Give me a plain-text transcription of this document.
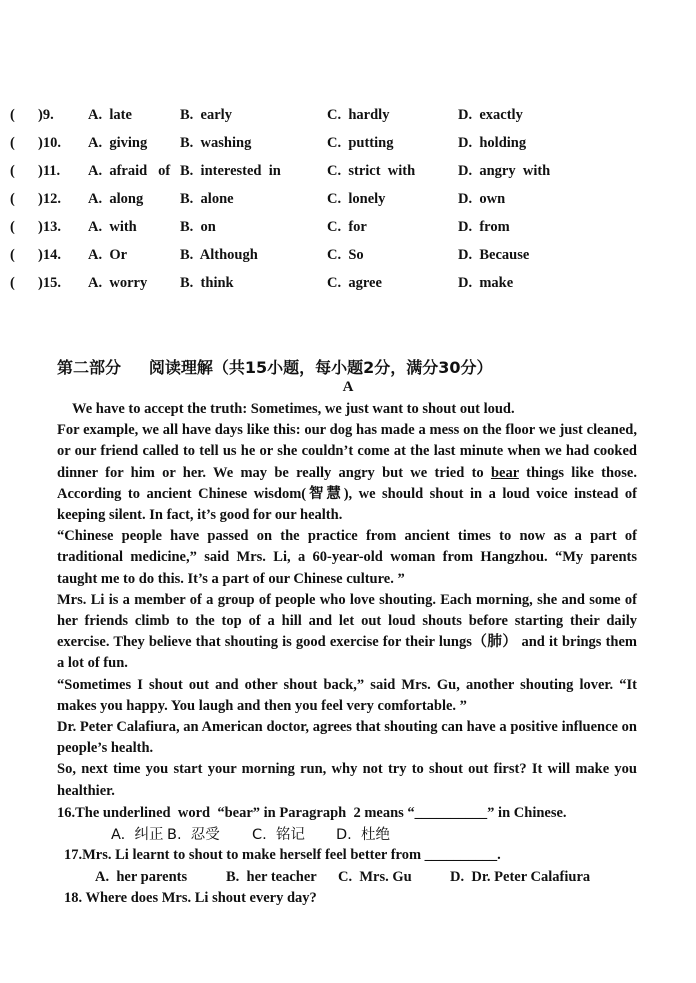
( )9. A.  late	B.  early	C.  hardly	D.  exactly
( )10. A.  giving B.  washing	C.  putting	D.  holding
( )11. A.  afraid   of B.  interested  in	C.  strict  with	D.  angry  with
( )12. A.  along	B.  alone	C.  lonely	D.  own
( )13. A.  with	B.  on	C.  for	D.  from
( )14. A.  Or	B.  Although	C.  So	D.  Because
( )15. A.  worry B.  think	C.  agree	D.  make
第二部分     阅读理解（共15小题，每小题2分，满分30分）
A

We have to accept the truth: Sometimes, we just want to shout out loud.

For example, we all have days like this: our dog has made a mess on the floor we just cleaned, or our friend called to tell us he or she couldn’t come at the last minute when we had cooked dinner for him or her. We may be really angry but we tried to bear things like those. According to ancient Chinese wisdom(智慧), we should shout in a loud voice instead of keeping silent. In fact, it’s good for our health.

“Chinese people have passed on the practice from ancient times to now as a part of traditional medicine,” said Mrs. Li, a 60-year-old woman from Hangzhou. “My parents taught me to do this. It’s a part of our Chinese culture. ”

Mrs. Li is a member of a group of people who love shouting. Each morning, she and some of her friends climb to the top of a hill and let out loud shouts before starting their daily exercise. They believe that shouting is good exercise for their lungs（肺） and it brings them a lot of fun.

“Sometimes I shout out and other shout back,” said Mrs. Gu, another shouting lover. “It makes you happy. You laugh and then you feel very comfortable. ”

Dr. Peter Calafiura, an American doctor, agrees that shouting can have a positive influence on people’s health.

So, next time you start your morning run, why not try to shout out first? It will make you healthier.

16.The underlined  word  “bear” in Paragraph  2 means “__________” in Chinese.
A.  纠正 B.  忍受 C.  铭记 D.  杜绝
17.Mrs. Li learnt to shout to make herself feel better from __________.
A.  her parents	B.  her teacher C.  Mrs. Gu	D.  Dr. Peter Calafiura
18. Where does Mrs. Li shout every day?
